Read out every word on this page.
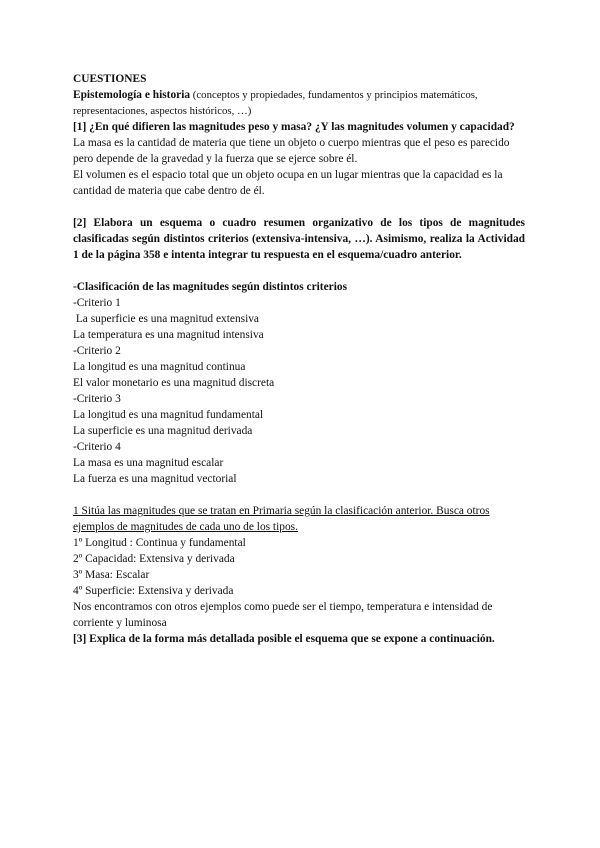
CUESTIONES

Epistemología e historia (conceptos y propiedades, fundamentos y principios matemáticos, representaciones, aspectos históricos, …)

[1] ¿En qué difieren las magnitudes peso y masa? ¿Y las magnitudes volumen y capacidad?

La masa es la cantidad de materia que tiene un objeto o cuerpo mientras que el peso es parecido pero depende de la gravedad y la fuerza que se ejerce sobre él.

El volumen es el espacio total que un objeto ocupa en un lugar mientras que la capacidad es la cantidad de materia que cabe dentro de él.

[2] Elabora un esquema o cuadro resumen organizativo de los tipos de magnitudes clasificadas según distintos criterios (extensiva-intensiva, …). Asimismo, realiza la Actividad 1 de la página 358 e intenta integrar tu respuesta en el esquema/cuadro anterior.

-Clasificación de las magnitudes según distintos criterios

-Criterio 1

La superficie es una magnitud extensiva

La temperatura es una magnitud intensiva

-Criterio 2

La longitud es una magnitud continua

El valor monetario es una magnitud discreta

-Criterio 3

La longitud es una magnitud fundamental

La superficie es una magnitud derivada

-Criterio 4

La masa es una magnitud escalar

La fuerza es una magnitud vectorial

1 Sitúa las magnitudes que se tratan en Primaria según la clasificación anterior. Busca otros ejemplos de magnitudes de cada uno de los tipos.

1º Longitud : Continua y fundamental

2º Capacidad: Extensiva y derivada

3º Masa: Escalar

4º Superficie: Extensiva y derivada

Nos encontramos con otros ejemplos como puede ser el tiempo, temperatura e intensidad de corriente y luminosa

[3] Explica de la forma más detallada posible el esquema que se expone a continuación.
